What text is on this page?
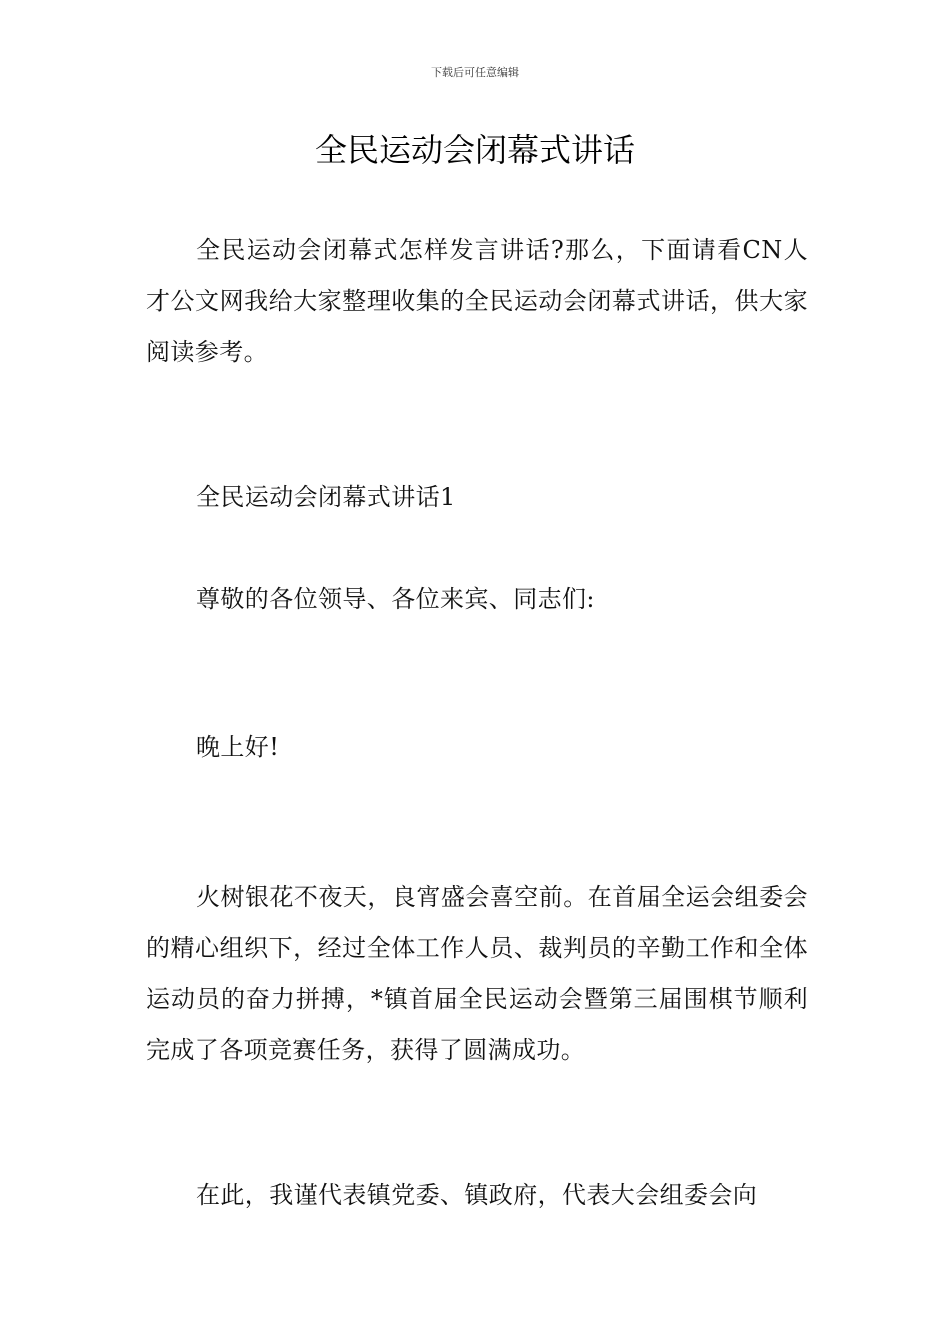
下载后可任意编辑
全民运动会闭幕式讲话

全民运动会闭幕式怎样发言讲话?那么，下面请看CN人才公文网我给大家整理收集的全民运动会闭幕式讲话，供大家阅读参考。

全民运动会闭幕式讲话1

尊敬的各位领导、各位来宾、同志们:

晚上好!

火树银花不夜天，良宵盛会喜空前。在首届全运会组委会的精心组织下，经过全体工作人员、裁判员的辛勤工作和全体运动员的奋力拼搏，*镇首届全民运动会暨第三届围棋节顺利完成了各项竞赛任务，获得了圆满成功。

在此，我谨代表镇党委、镇政府，代表大会组委会向
